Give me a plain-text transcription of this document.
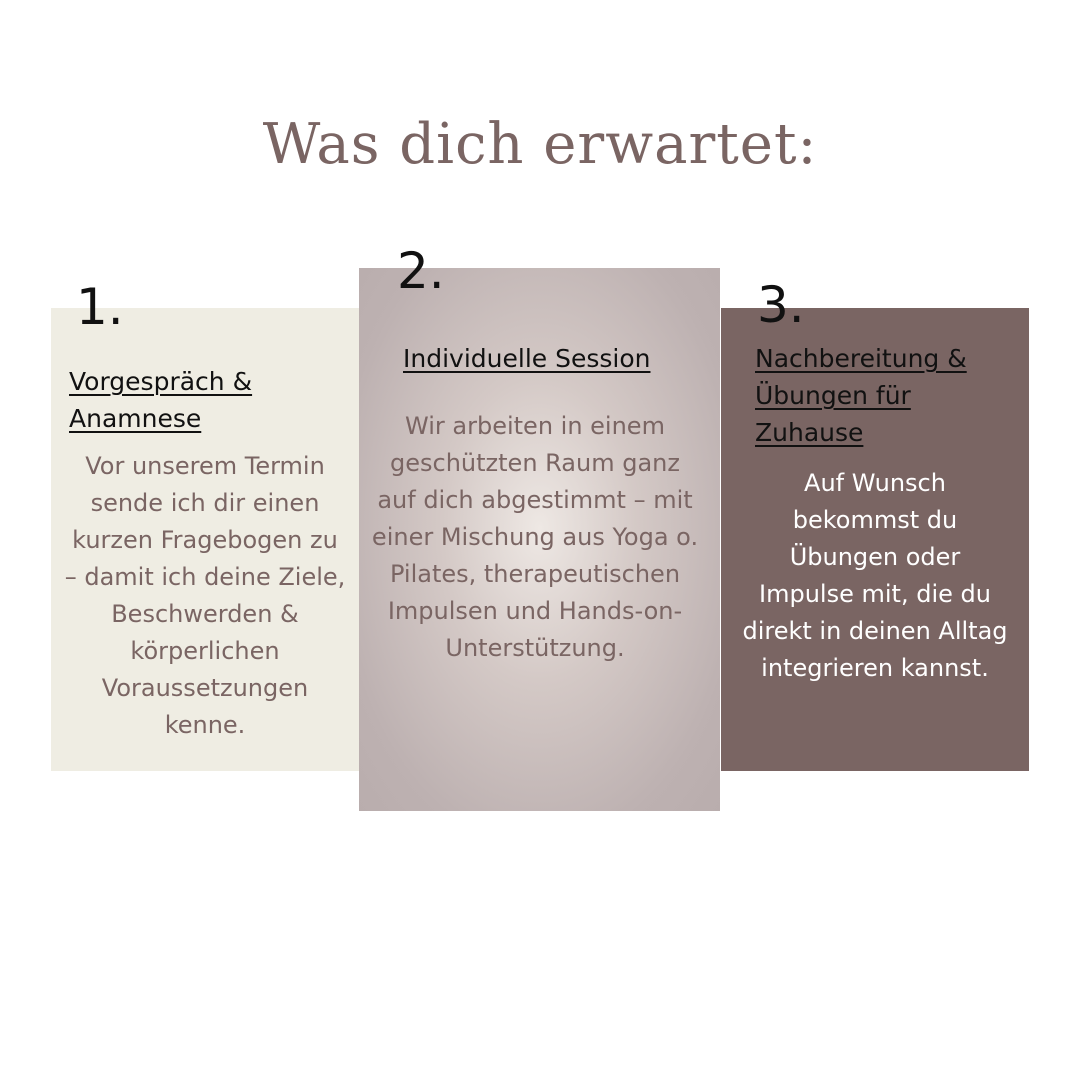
Was dich erwartet:
1.
2.
3.
Vorgespräch & Anamnese
Individuelle Session	Nachbereitung & Übungen für Zuhause

Vor unserem Termin sende ich dir einen kurzen Fragebogen zu – damit ich deine Ziele, Beschwerden & körperlichen Voraussetzungen kenne.

Wir arbeiten in einem geschützten Raum ganz auf dich abgestimmt – mit einer Mischung aus Yoga o. Pilates, therapeutischen Impulsen und Hands-on-Unterstützung.

Auf Wunsch bekommst du Übungen oder Impulse mit, die du direkt in deinen Alltag integrieren kannst.
